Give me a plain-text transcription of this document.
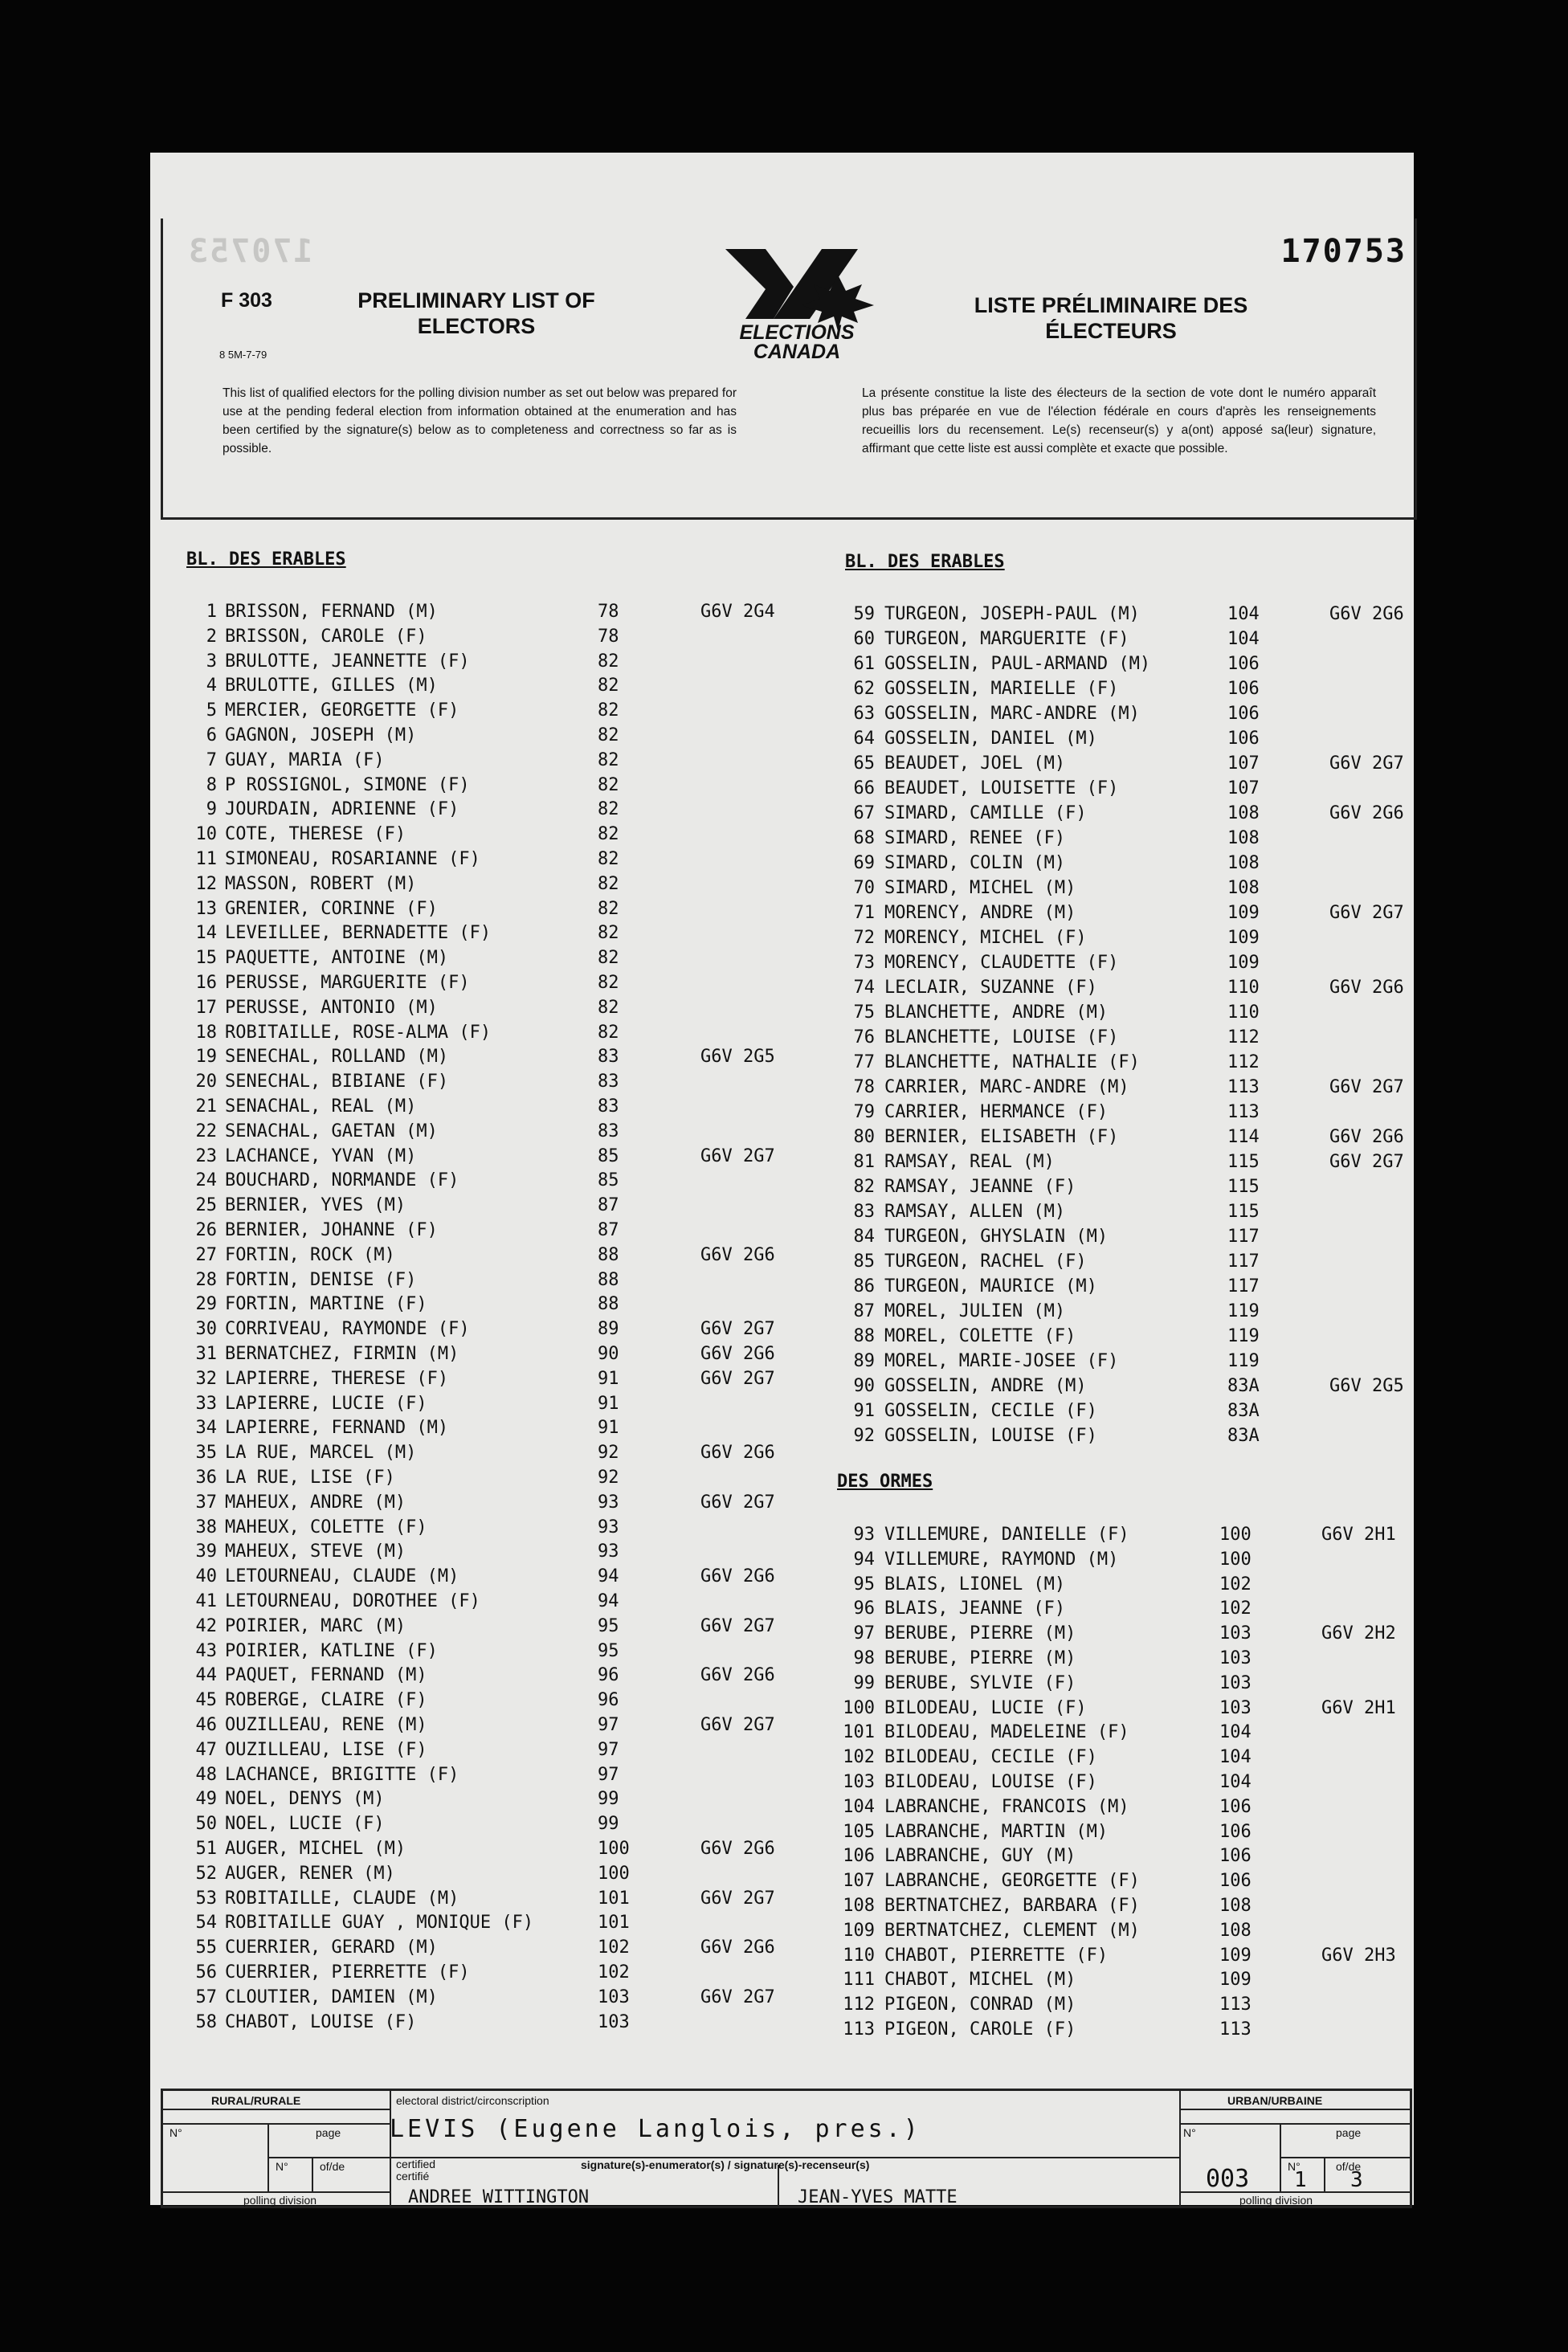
170753	170753
F 303
8 5M-7-79
PRELIMINARY LIST OF ELECTORS
LISTE PRÉLIMINAIRE DES ÉLECTEURS
ELECTIONS
CANADA
This list of qualified electors for the polling division number as set out below was prepared for use at the pending federal election from information obtained at the enumeration and has been certified by the signature(s) below as to completeness and correctness so far as is possible.
La présente constitue la liste des électeurs de la section de vote dont le numéro apparaît plus bas préparée en vue de l'élection fédérale en cours d'après les renseignements recueillis lors du recensement. Le(s) recenseur(s) y a(ont) apposé sa(leur) signature, affirmant que cette liste est aussi complète et exacte que possible.
BL. DES ERABLES
1 BRISSON, FERNAND (M)	78	G6V 2G4
2 BRISSON, CAROLE (F)	78
3 BRULOTTE, JEANNETTE (F)	82
4 BRULOTTE, GILLES (M)	82
5 MERCIER, GEORGETTE (F)	82
6 GAGNON, JOSEPH (M)	82
7 GUAY, MARIA (F)	82
8 P ROSSIGNOL, SIMONE (F)	82
9 JOURDAIN, ADRIENNE (F)	82
10 COTE, THERESE (F)	82
11 SIMONEAU, ROSARIANNE (F)	82
12 MASSON, ROBERT (M)	82
13 GRENIER, CORINNE (F)	82
14 LEVEILLEE, BERNADETTE (F)	82
15 PAQUETTE, ANTOINE (M)	82
16 PERUSSE, MARGUERITE (F)	82
17 PERUSSE, ANTONIO (M)	82
18 ROBITAILLE, ROSE-ALMA (F)	82
19 SENECHAL, ROLLAND (M)	83	G6V 2G5
20 SENECHAL, BIBIANE (F)	83
21 SENACHAL, REAL (M)	83
22 SENACHAL, GAETAN (M)	83
23 LACHANCE, YVAN (M)	85	G6V 2G7
24 BOUCHARD, NORMANDE (F)	85
25 BERNIER, YVES (M)	87
26 BERNIER, JOHANNE (F)	87
27 FORTIN, ROCK (M)	88	G6V 2G6
28 FORTIN, DENISE (F)	88
29 FORTIN, MARTINE (F)	88
30 CORRIVEAU, RAYMONDE (F)	89	G6V 2G7
31 BERNATCHEZ, FIRMIN (M)	90	G6V 2G6
32 LAPIERRE, THERESE (F)	91	G6V 2G7
33 LAPIERRE, LUCIE (F)	91
34 LAPIERRE, FERNAND (M)	91
35 LA RUE, MARCEL (M)	92	G6V 2G6
36 LA RUE, LISE (F)	92
37 MAHEUX, ANDRE (M)	93	G6V 2G7
38 MAHEUX, COLETTE (F)	93
39 MAHEUX, STEVE (M)	93
40 LETOURNEAU, CLAUDE (M)	94	G6V 2G6
41 LETOURNEAU, DOROTHEE (F)	94
42 POIRIER, MARC (M)	95	G6V 2G7
43 POIRIER, KATLINE (F)	95
44 PAQUET, FERNAND (M)	96	G6V 2G6
45 ROBERGE, CLAIRE (F)	96
46 OUZILLEAU, RENE (M)	97	G6V 2G7
47 OUZILLEAU, LISE (F)	97
48 LACHANCE, BRIGITTE (F)	97
49 NOEL, DENYS (M)	99
50 NOEL, LUCIE (F)	99
51 AUGER, MICHEL (M)	100	G6V 2G6
52 AUGER, RENER (M)	100
53 ROBITAILLE, CLAUDE (M)	101	G6V 2G7
54 ROBITAILLE GUAY , MONIQUE (F)	101
55 CUERRIER, GERARD (M)	102	G6V 2G6
56 CUERRIER, PIERRETTE (F)	102
57 CLOUTIER, DAMIEN (M)	103	G6V 2G7
58 CHABOT, LOUISE (F)	103
BL. DES ERABLES
59 TURGEON, JOSEPH-PAUL (M)	104	G6V 2G6
60 TURGEON, MARGUERITE (F)	104
61 GOSSELIN, PAUL-ARMAND (M)	106
62 GOSSELIN, MARIELLE (F)	106
63 GOSSELIN, MARC-ANDRE (M)	106
64 GOSSELIN, DANIEL (M)	106
65 BEAUDET, JOEL (M)	107	G6V 2G7
66 BEAUDET, LOUISETTE (F)	107
67 SIMARD, CAMILLE (F)	108	G6V 2G6
68 SIMARD, RENEE (F)	108
69 SIMARD, COLIN (M)	108
70 SIMARD, MICHEL (M)	108
71 MORENCY, ANDRE (M)	109	G6V 2G7
72 MORENCY, MICHEL (F)	109
73 MORENCY, CLAUDETTE (F)	109
74 LECLAIR, SUZANNE (F)	110	G6V 2G6
75 BLANCHETTE, ANDRE (M)	110
76 BLANCHETTE, LOUISE (F)	112
77 BLANCHETTE, NATHALIE (F)	112
78 CARRIER, MARC-ANDRE (M)	113	G6V 2G7
79 CARRIER, HERMANCE (F)	113
80 BERNIER, ELISABETH (F)	114	G6V 2G6
81 RAMSAY, REAL (M)	115	G6V 2G7
82 RAMSAY, JEANNE (F)	115
83 RAMSAY, ALLEN (M)	115
84 TURGEON, GHYSLAIN (M)	117
85 TURGEON, RACHEL (F)	117
86 TURGEON, MAURICE (M)	117
87 MOREL, JULIEN (M)	119
88 MOREL, COLETTE (F)	119
89 MOREL, MARIE-JOSEE (F)	119
90 GOSSELIN, ANDRE (M)	83A	G6V 2G5
91 GOSSELIN, CECILE (F)	83A
92 GOSSELIN, LOUISE (F)	83A
DES ORMES
93 VILLEMURE, DANIELLE (F)	100	G6V 2H1
94 VILLEMURE, RAYMOND (M)	100
95 BLAIS, LIONEL (M)	102
96 BLAIS, JEANNE (F)	102
97 BERUBE, PIERRE (M)	103	G6V 2H2
98 BERUBE, PIERRE (M)	103
99 BERUBE, SYLVIE (F)	103
100 BILODEAU, LUCIE (F)	103	G6V 2H1
101 BILODEAU, MADELEINE (F)	104
102 BILODEAU, CECILE (F)	104
103 BILODEAU, LOUISE (F)	104
104 LABRANCHE, FRANCOIS (M)	106
105 LABRANCHE, MARTIN (M)	106
106 LABRANCHE, GUY (M)	106
107 LABRANCHE, GEORGETTE (F)	106
108 BERTNATCHEZ, BARBARA (F)	108
109 BERTNATCHEZ, CLEMENT (M)	108
110 CHABOT, PIERRETTE (F)	109	G6V 2H3
111 CHABOT, MICHEL (M)	109
112 PIGEON, CONRAD (M)	113
113 PIGEON, CAROLE (F)	113
RURAL/RURALE	URBAN/URBAINE
electoral district/circonscription
LEVIS (Eugene Langlois, pres.)
N°	page
N°	of/de
polling division
N°	page
N°	of/de
polling division
003 1 3
certified
certifié
signature(s)-enumerator(s) / signature(s)-recenseur(s)
ANDREE WITTINGTON	JEAN-YVES MATTE
